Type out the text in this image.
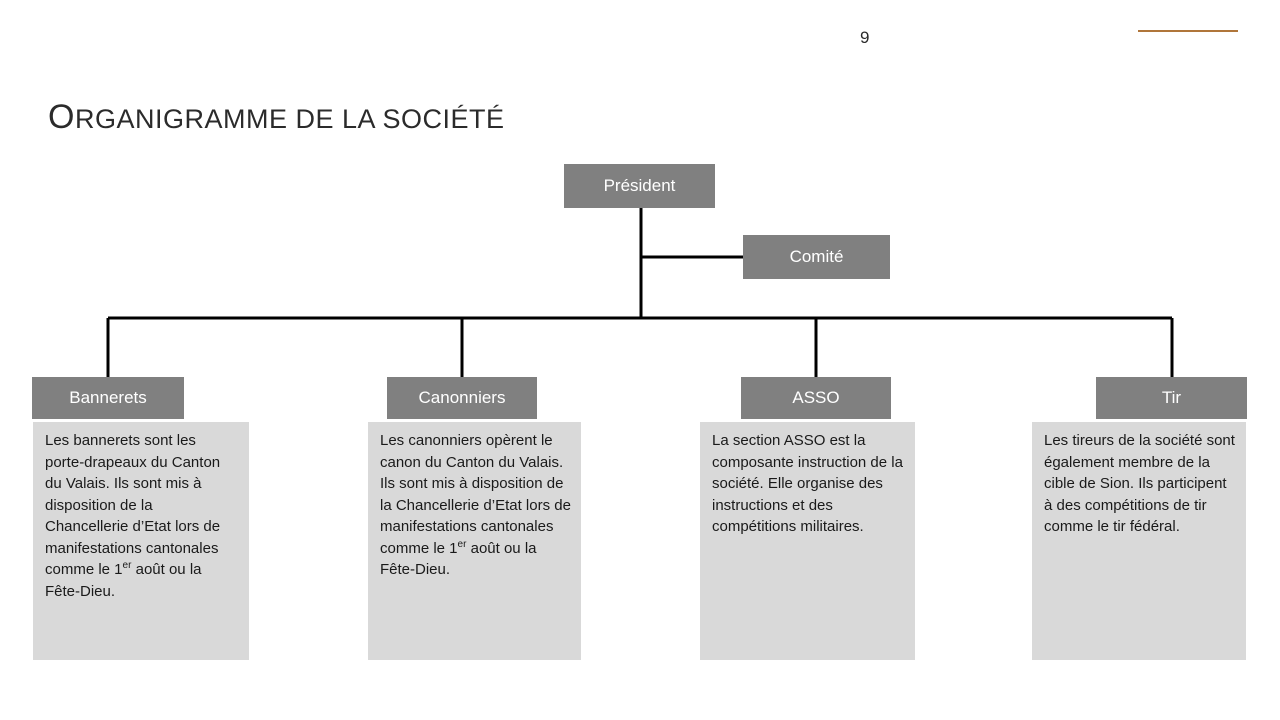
9
ORGANIGRAMME DE LA SOCIÉTÉ
Président
Comité
Bannerets
Les bannerets sont les porte-drapeaux du Canton du Valais. Ils sont mis à disposition de la Chancellerie d’Etat lors de manifestations cantonales comme le 1er août ou la Fête-Dieu.
Canonniers
Les canonniers opèrent le canon du Canton du Valais. Ils sont mis à disposition de la Chancellerie d’Etat lors de manifestations cantonales comme le 1er août ou la Fête-Dieu.
ASSO
La section ASSO est la composante instruction de la société. Elle organise des instructions et des compétitions militaires.
Tir
Les tireurs de la société sont également membre de la cible de Sion. Ils participent à des compétitions de tir comme le tir fédéral.
